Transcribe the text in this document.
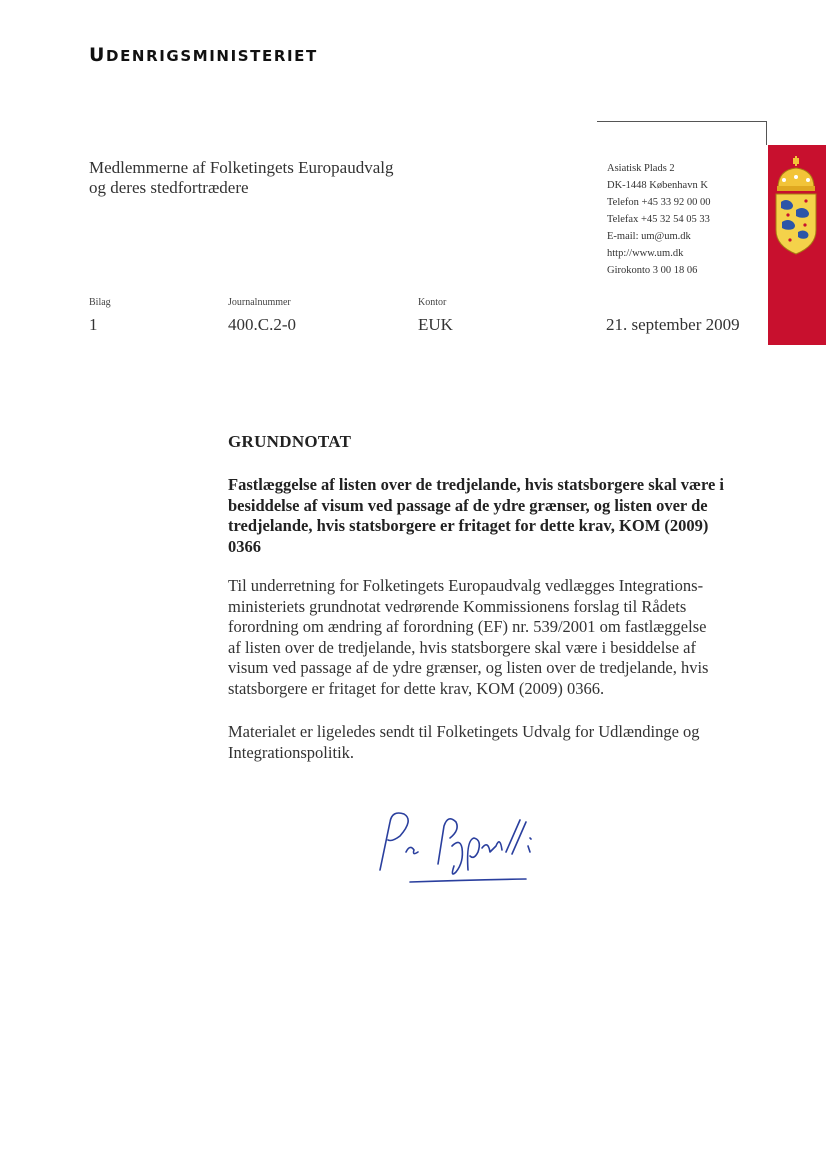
UDENRIGSMINISTERIET
Medlemmerne af Folketingets Europaudvalg
og deres stedfortrædere
Asiatisk Plads 2
DK-1448 København K
Telefon +45 33 92 00 00
Telefax +45 32 54 05 33
E-mail: um@um.dk
http://www.um.dk
Girokonto 3 00 18 06
Bilag
1
Journalnummer
400.C.2-0
Kontor
EUK	21. september 2009
GRUNDNOTAT
Fastlæggelse af listen over de tredjelande, hvis statsborgere skal være i besiddelse af visum ved passage af de ydre grænser, og listen over de tredjelande, hvis statsborgere er fritaget for dette krav, KOM (2009) 0366
Til underretning for Folketingets Europaudvalg vedlægges Integrations-
ministeriets grundnotat vedrørende Kommissionens forslag til Rådets
forordning om ændring af forordning (EF) nr. 539/2001 om fastlæggelse
af listen over de tredjelande, hvis statsborgere skal være i besiddelse af
visum ved passage af de ydre grænser, og listen over de tredjelande, hvis
statsborgere er fritaget for dette krav, KOM (2009) 0366.
Materialet er ligeledes sendt til Folketingets Udvalg for Udlændinge og
Integrationspolitik.
